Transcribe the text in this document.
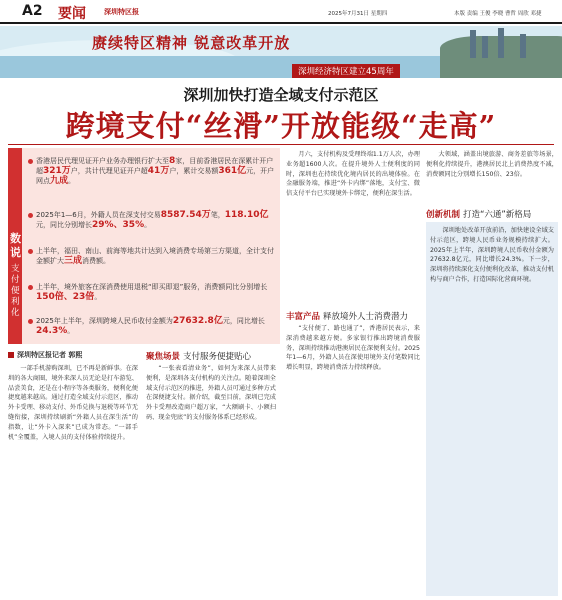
A2 要闻	深圳特区报	2025年7月31日 星期四	本版 责编 王俊 李晓 曹哲 周欣 邓捷
赓续特区精神 锐意改革开放
深圳经济特区建立45周年
深圳加快打造全域支付示范区
跨境支付“丝滑”开放能级“走高”
数说
支付便利化
香港居民代理见证开户业务办理银行扩大至8家，目前香港居民在深累计开户超321万户，共计代理见证开户超41万户，累计交易额361亿元，开户网点九成。
2025年1—6月，外籍人员在深支付交易8587.54万笔，118.10亿元，同比分别增长29%、35%。
上半年，福田、南山、前海等地共计达到入境消费专场第三方渠道，全计支付金额扩大三成消费额。
上半年，境外旅客在深消费使用退税“即买即退”服务，消费额同比分别增长150倍、23倍。
2025年上半年，深圳跨境人民币收付金额为27632.8亿元，同比增长24.3%。
深圳特区报记者 郭熙

一部手机游购深圳，已不再是新鲜事。在深圳的各大商圈，境外来深人员无论是打车游览、品尝美食，还是在小程序等各类服务，便利化便捷度越来越高。通过打造全域支付示范区，推动外卡受理、移动支付、外币兑换与退税等环节无缝衔接，深圳持续刷新“外籍人员在深生活”的指数，让“外卡入深来”已成为常态。“一部手机”全覆盖，入境人员的支付体验持续提升。

聚焦场景 支付服务便捷贴心

“一张表看清业务”，如何为来深人员带来便利，是深圳各支付机构的关注点。随着深圳全域支付示范区的推进，外籍人员可通过多种方式在深便捷支付。据介绍，截至目前，深圳已完成外卡受理改造商户超万家，“大额刷卡、小额扫码、现金兜底”的支付服务体系已经形成。

月六，支付机构及受理终端1.1万人次，办理业务超1600人次。在提升境外人士便利度的同时，深圳也在持续优化境内居民的出境体验。在金融服务端，推进“外卡内绑”落地，支付宝、微信支付平台已实现境外卡绑定，便利在深生活。

丰富产品 释放境外人士消费潜力

“支付便了、路也通了”，香港居民表示，来深消费越来越方便。多家银行推出跨境消费服务，深圳持续推动港澳居民在深便利支付。2025年1—6月，外籍人员在深使用境外支付笔数同比增长明显，跨境消费活力持续释放。

大领域，涵盖出境旅游、商务差旅等场景，便利化持续提升，港澳居民北上消费热度不减，消费额同比分别增长150倍、23倍。

创新机制 打造“六通”新格局

深圳地处改革开放前沿，加快建设全域支付示范区，跨境人民币业务规模持续扩大。2025年上半年，深圳跨境人民币收付金额为27632.8亿元，同比增长24.3%。下一步，深圳将持续深化支付便利化改革，推动支付机构与商户合作，打造国际化营商环境。
